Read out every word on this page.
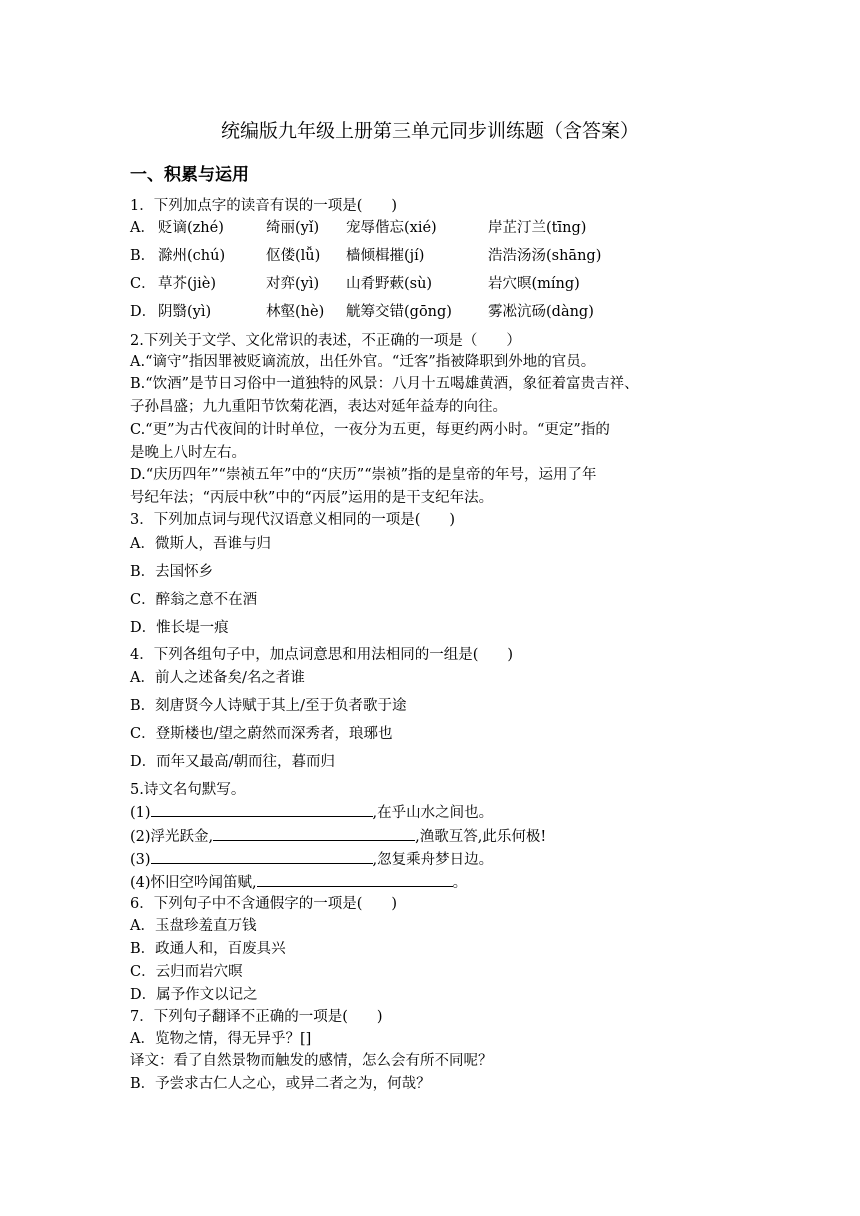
统编版九年级上册第三单元同步训练题（含答案）
一、积累与运用
1．下列加点字的读音有误的一项是(　　)
A． 贬谪(zhé)	绮丽(yǐ) 宠辱偕忘(xié)	岸芷汀兰(tīng)
B． 滁州(chú)	伛偻(lǚ) 樯倾楫摧(jí)	浩浩汤汤(shāng)
C． 草芥(jiè)	对弈(yì) 山肴野蔌(sù)	岩穴暝(míng)
D． 阴翳(yì)	林壑(hè) 觥筹交错(gōng) 雾凇沆砀(dàng)
2.下列关于文学、文化常识的表述，不正确的一项是（　　）
A.“谪守”指因罪被贬谪流放，出任外官。“迁客”指被降职到外地的官员。
B.“饮酒”是节日习俗中一道独特的风景：八月十五喝雄黄酒，象征着富贵吉祥、
子孙昌盛；九九重阳节饮菊花酒，表达对延年益寿的向往。
C.“更”为古代夜间的计时单位，一夜分为五更，每更约两小时。“更定”指的
是晚上八时左右。
D.“庆历四年”“崇祯五年”中的“庆历”“崇祯”指的是皇帝的年号，运用了年
号纪年法；“丙辰中秋”中的“丙辰”运用的是干支纪年法。
3．下列加点词与现代汉语意义相同的一项是(　　)
A．微斯人，吾谁与归
B．去国怀乡
C．醉翁之意不在酒
D．惟长堤一痕
4．下列各组句子中，加点词意思和用法相同的一组是(　　)
A．前人之述备矣/名之者谁
B．刻唐贤今人诗赋于其上/至于负者歌于途
C．登斯楼也/望之蔚然而深秀者，琅琊也
D．而年又最高/朝而往，暮而归
5.诗文名句默写。
(1)	,在乎山水之间也。
(2)浮光跃金,	,渔歌互答,此乐何极!
(3)	,忽复乘舟梦日边。
(4)怀旧空吟闻笛赋,	。
6．下列句子中不含通假字的一项是(　　)
A．玉盘珍羞直万钱
B．政通人和，百废具兴
C．云归而岩穴暝
D．属予作文以记之
7．下列句子翻译不正确的一项是(　　)
A．览物之情，得无异乎？[]
译文：看了自然景物而触发的感情，怎么会有所不同呢？
B．予尝求古仁人之心，或异二者之为，何哉？
